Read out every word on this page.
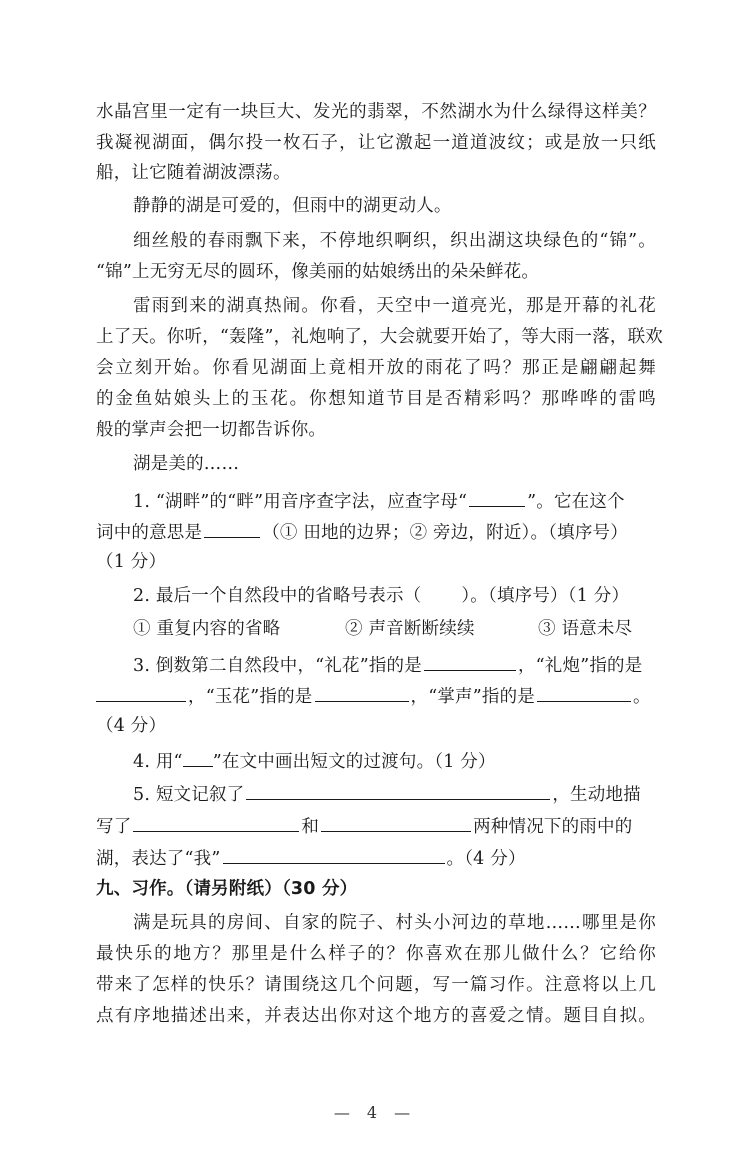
水晶宫里一定有一块巨大、发光的翡翠，不然湖水为什么绿得这样美？
我凝视湖面，偶尔投一枚石子，让它激起一道道波纹；或是放一只纸
船，让它随着湖波漂荡。
静静的湖是可爱的，但雨中的湖更动人。
细丝般的春雨飘下来，不停地织啊织，织出湖这块绿色的“锦”。
“锦”上无穷无尽的圆环，像美丽的姑娘绣出的朵朵鲜花。
雷雨到来的湖真热闹。你看，天空中一道亮光，那是开幕的礼花
上了天。你听，“轰隆”，礼炮响了，大会就要开始了，等大雨一落，联欢
会立刻开始。你看见湖面上竟相开放的雨花了吗？那正是翩翩起舞
的金鱼姑娘头上的玉花。你想知道节目是否精彩吗？那哗哗的雷鸣
般的掌声会把一切都告诉你。
湖是美的……
1. “湖畔”的“畔”用音序查字法，应查字母“	”。它在这个
词中的意思是	（① 田地的边界；② 旁边，附近）。（填序号）
（1 分）
2. 最后一个自然段中的省略号表示（ ）。（填序号）（1 分）
① 重复内容的省略	② 声音断断续续	③ 语意未尽
3. 倒数第二自然段中，“礼花”指的是	，“礼炮”指的是
，“玉花”指的是	，“掌声”指的是	。
（4 分）
4. 用“ ”在文中画出短文的过渡句。（1 分）
5. 短文记叙了	，生动地描
写了	和	两种情况下的雨中的
湖，表达了“我”	。（4 分）
九、习作。（请另附纸）（30 分）
满是玩具的房间、自家的院子、村头小河边的草地……哪里是你
最快乐的地方？那里是什么样子的？你喜欢在那儿做什么？它给你
带来了怎样的快乐？请围绕这几个问题，写一篇习作。注意将以上几
点有序地描述出来，并表达出你对这个地方的喜爱之情。题目自拟。
— 4 —
